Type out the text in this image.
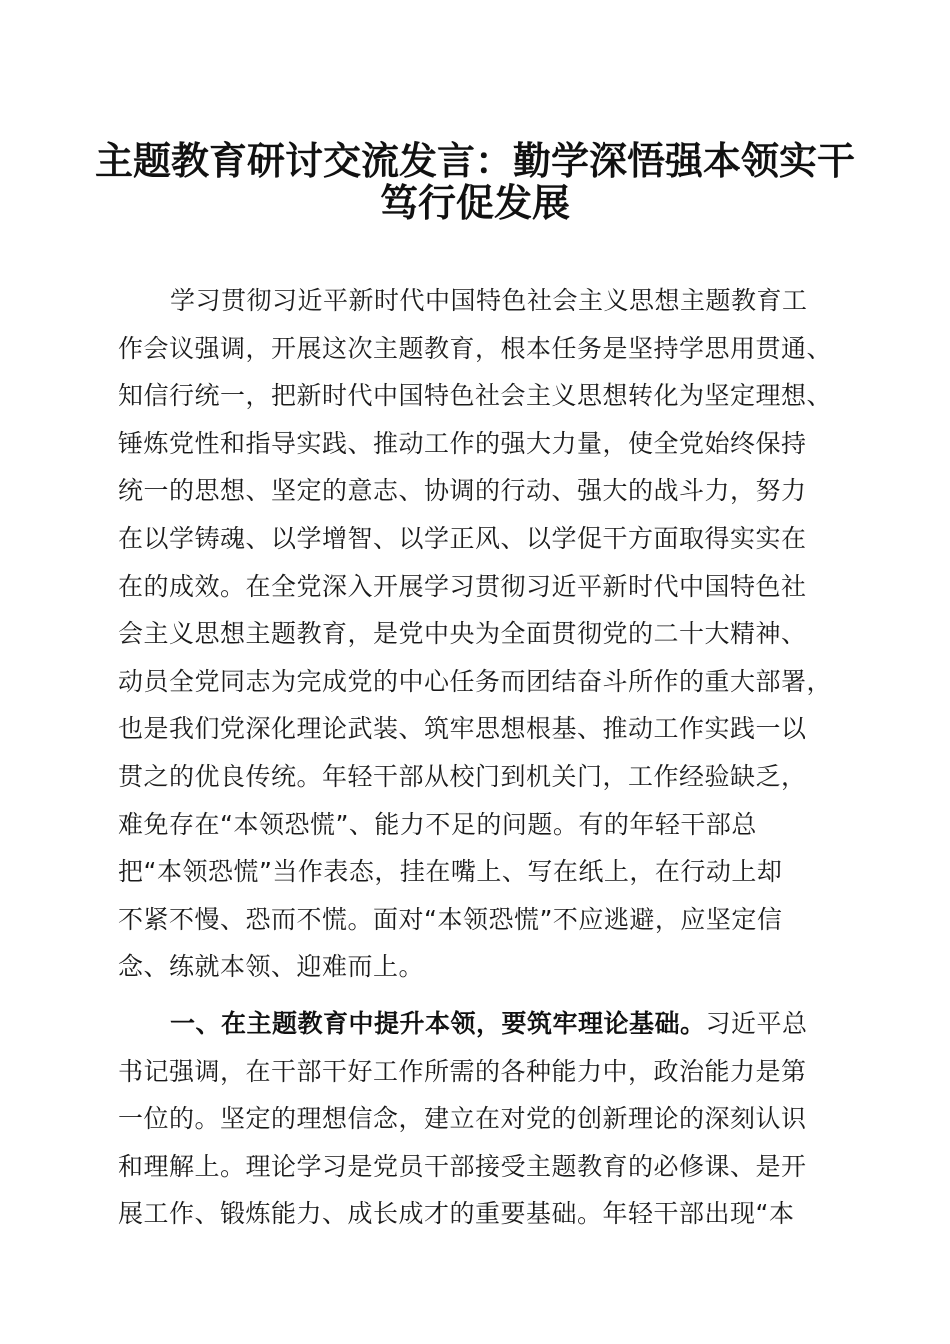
主题教育研讨交流发言：勤学深悟强本领实干
笃行促发展
学习贯彻习近平新时代中国特色社会主义思想主题教育工
作会议强调，开展这次主题教育，根本任务是坚持学思用贯通、
知信行统一，把新时代中国特色社会主义思想转化为坚定理想、
锤炼党性和指导实践、推动工作的强大力量，使全党始终保持
统一的思想、坚定的意志、协调的行动、强大的战斗力，努力
在以学铸魂、以学增智、以学正风、以学促干方面取得实实在
在的成效。在全党深入开展学习贯彻习近平新时代中国特色社
会主义思想主题教育，是党中央为全面贯彻党的二十大精神、
动员全党同志为完成党的中心任务而团结奋斗所作的重大部署，
也是我们党深化理论武装、筑牢思想根基、推动工作实践一以
贯之的优良传统。年轻干部从校门到机关门，工作经验缺乏，
难免存在“本领恐慌”、能力不足的问题。有的年轻干部总
把“本领恐慌”当作表态，挂在嘴上、写在纸上，在行动上却
不紧不慢、恐而不慌。面对“本领恐慌”不应逃避，应坚定信
念、练就本领、迎难而上。
一、在主题教育中提升本领，要筑牢理论基础。习近平总
书记强调，在干部干好工作所需的各种能力中，政治能力是第
一位的。坚定的理想信念，建立在对党的创新理论的深刻认识
和理解上。理论学习是党员干部接受主题教育的必修课、是开
展工作、锻炼能力、成长成才的重要基础。年轻干部出现“本
